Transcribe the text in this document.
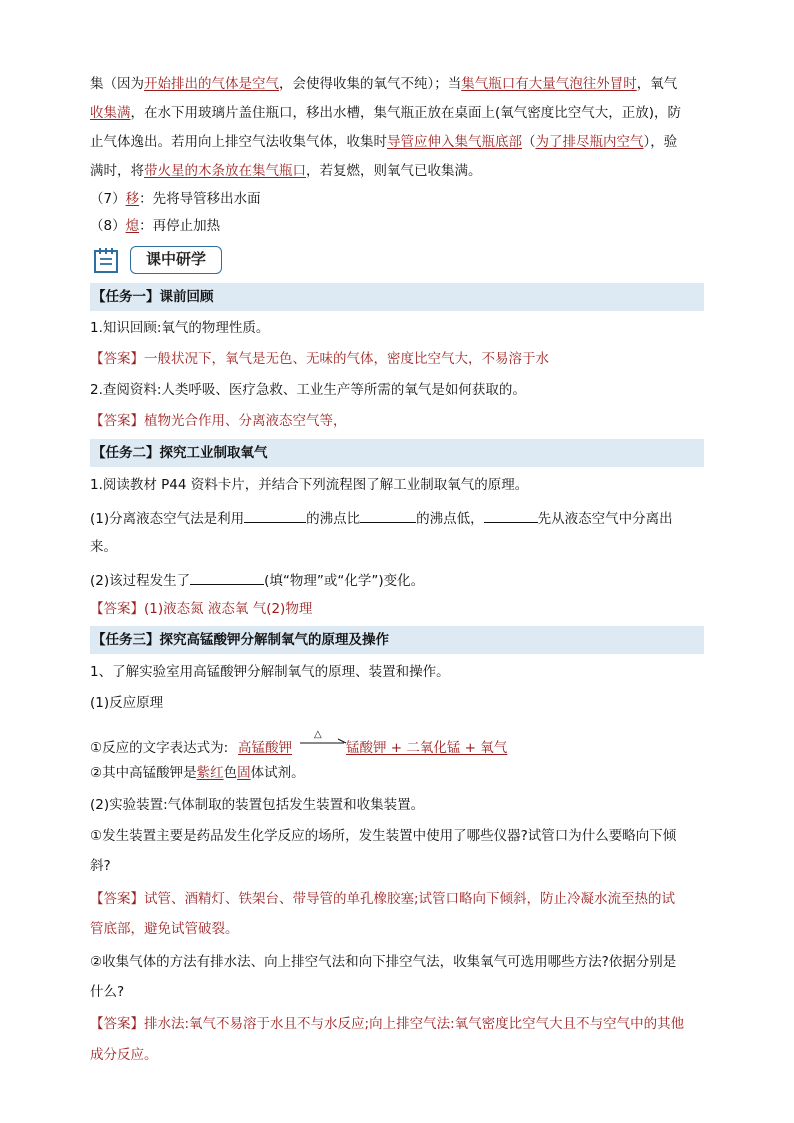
集（因为开始排出的气体是空气，会使得收集的氧气不纯）；当集气瓶口有大量气泡往外冒时，氧气
收集满，在水下用玻璃片盖住瓶口，移出水槽，集气瓶正放在桌面上(氧气密度比空气大，正放)，防
止气体逸出。若用向上排空气法收集气体，收集时导管应伸入集气瓶底部（为了排尽瓶内空气），验
满时，将带火星的木条放在集气瓶口，若复燃，则氧气已收集满。
（7）移：先将导管移出水面
（8）熄：再停止加热
课中研学
【任务一】课前回顾
1.知识回顾:氧气的物理性质。
【答案】一般状况下，氧气是无色、无味的气体，密度比空气大，不易溶于水
2.查阅资料:人类呼吸、医疗急救、工业生产等所需的氧气是如何获取的。
【答案】植物光合作用、分离液态空气等，
【任务二】探究工业制取氧气
1.阅读教材 P44 资料卡片，并结合下列流程图了解工业制取氧气的原理。
(1)分离液态空气法是利用	的沸点比	的沸点低，	先从液态空气中分离出
来。
(2)该过程发生了	(填“物理”或“化学”)变化。
【答案】(1)液态氮 液态氧 气(2)物理
【任务三】探究高锰酸钾分解制氧气的原理及操作
1、了解实验室用高锰酸钾分解制氧气的原理、装置和操作。
(1)反应原理
①反应的文字表达式为: 高锰酸钾
△
锰酸钾 + 二氧化锰 + 氧气
②其中高锰酸钾是紫红色固体试剂。
(2)实验装置:气体制取的装置包括发生装置和收集装置。
①发生装置主要是药品发生化学反应的场所，发生装置中使用了哪些仪器?试管口为什么要略向下倾
斜?
【答案】试管、酒精灯、铁架台、带导管的单孔橡胶塞;试管口略向下倾斜，防止冷凝水流至热的试
管底部，避免试管破裂。
②收集气体的方法有排水法、向上排空气法和向下排空气法，收集氧气可选用哪些方法?依据分别是
什么?
【答案】排水法:氧气不易溶于水且不与水反应;向上排空气法:氧气密度比空气大且不与空气中的其他
成分反应。
